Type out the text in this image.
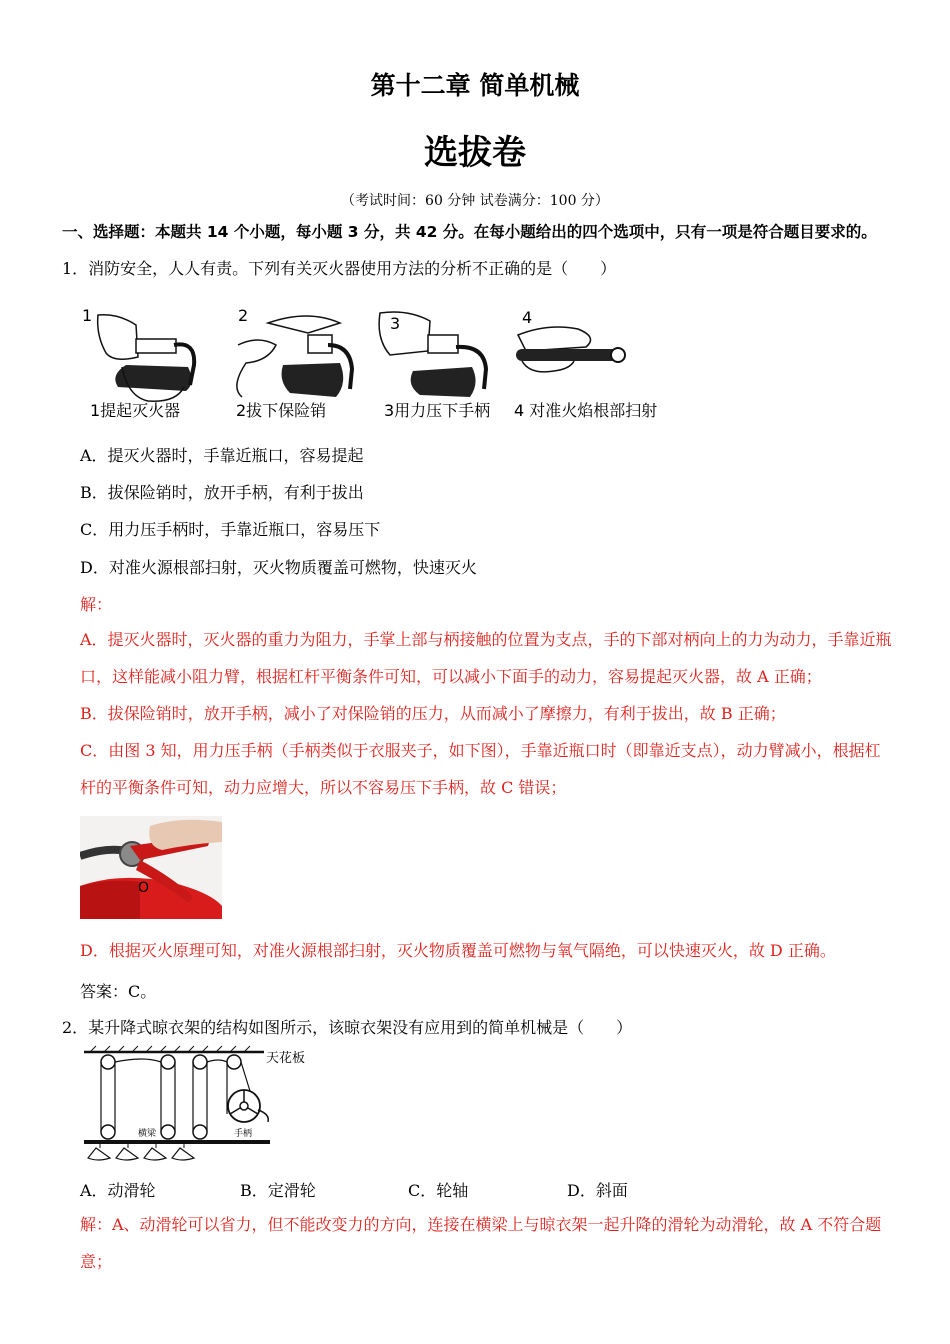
第十二章 简单机械
选拔卷
（考试时间：60 分钟 试卷满分：100 分）
一、选择题：本题共 14 个小题，每小题 3 分，共 42 分。在每小题给出的四个选项中，只有一项是符合题目要求的。
1．消防安全，人人有责。下列有关灭火器使用方法的分析不正确的是（　　）
1
1提起灭火器
2
2拔下保险销
3
3用力压下手柄
4
4 对准火焰根部扫射
A．提灭火器时，手靠近瓶口，容易提起
B．拔保险销时，放开手柄，有利于拔出
C．用力压手柄时，手靠近瓶口，容易压下
D．对准火源根部扫射，灭火物质覆盖可燃物，快速灭火
解：
A．提灭火器时，灭火器的重力为阻力，手掌上部与柄接触的位置为支点，手的下部对柄向上的力为动力，手靠近瓶口，这样能减小阻力臂，根据杠杆平衡条件可知，可以减小下面手的动力，容易提起灭火器，故 A 正确；
B．拔保险销时，放开手柄，减小了对保险销的压力，从而减小了摩擦力，有利于拔出，故 B 正确；
C．由图 3 知，用力压手柄（手柄类似于衣服夹子，如下图），手靠近瓶口时（即靠近支点），动力臂减小，根据杠杆的平衡条件可知，动力应增大，所以不容易压下手柄，故 C 错误；
O
D．根据灭火原理可知，对准火源根部扫射，灭火物质覆盖可燃物与氧气隔绝，可以快速灭火，故 D 正确。
答案：C。
2．某升降式晾衣架的结构如图所示，该晾衣架没有应用到的简单机械是（　　）
天花板
横梁	手柄
A．动滑轮	B．定滑轮	C．轮轴	D．斜面
解：A、动滑轮可以省力，但不能改变力的方向，连接在横梁上与晾衣架一起升降的滑轮为动滑轮，故 A 不符合题意；
